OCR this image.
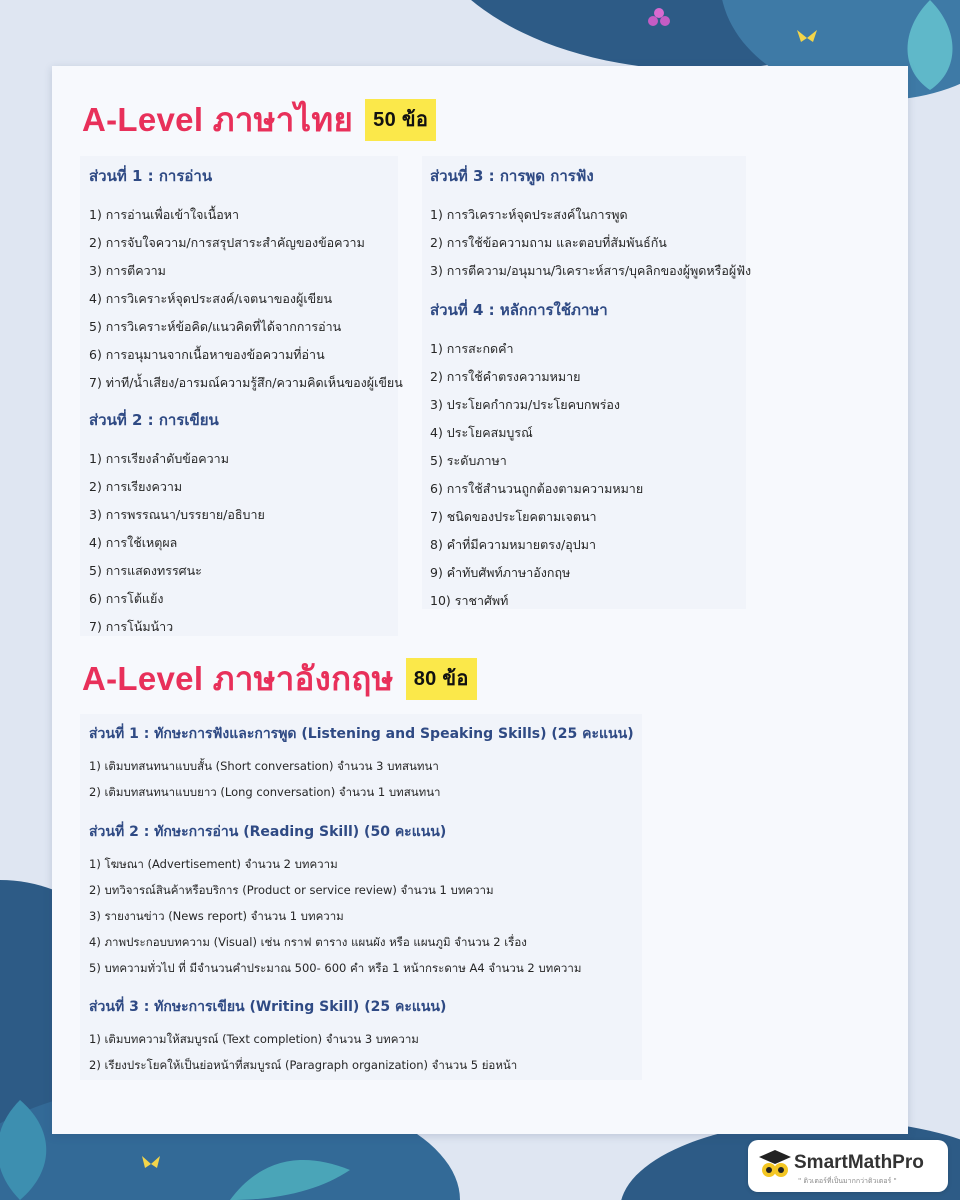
A-Level ภาษาไทย	50 ข้อ
ส่วนที่ 1 : การอ่าน
1) การอ่านเพื่อเข้าใจเนื้อหา
2) การจับใจความ/การสรุปสาระสำคัญของข้อความ
3) การตีความ
4) การวิเคราะห์จุดประสงค์/เจตนาของผู้เขียน
5) การวิเคราะห์ข้อคิด/แนวคิดที่ได้จากการอ่าน
6) การอนุมานจากเนื้อหาของข้อความที่อ่าน
7) ท่าที/น้ำเสียง/อารมณ์ความรู้สึก/ความคิดเห็นของผู้เขียน
ส่วนที่ 2 : การเขียน
1) การเรียงลำดับข้อความ
2) การเรียงความ
3) การพรรณนา/บรรยาย/อธิบาย
4) การใช้เหตุผล
5) การแสดงทรรศนะ
6) การโต้แย้ง
7) การโน้มน้าว
ส่วนที่ 3 : การพูด การฟัง
1) การวิเคราะห์จุดประสงค์ในการพูด
2) การใช้ข้อความถาม และตอบที่สัมพันธ์กัน
3) การตีความ/อนุมาน/วิเคราะห์สาร/บุคลิกของผู้พูดหรือผู้ฟัง
ส่วนที่ 4 : หลักการใช้ภาษา
1) การสะกดคำ
2) การใช้คำตรงความหมาย
3) ประโยคกำกวม/ประโยคบกพร่อง
4) ประโยคสมบูรณ์
5) ระดับภาษา
6) การใช้สำนวนถูกต้องตามความหมาย
7) ชนิดของประโยคตามเจตนา
8) คำที่มีความหมายตรง/อุปมา
9) คำทับศัพท์ภาษาอังกฤษ
10) ราชาศัพท์
A-Level ภาษาอังกฤษ	80 ข้อ
ส่วนที่ 1 : ทักษะการฟังและการพูด (Listening and Speaking Skills) (25 คะแนน)
1) เติมบทสนทนาแบบสั้น (Short conversation) จำนวน 3 บทสนทนา
2) เติมบทสนทนาแบบยาว (Long conversation) จำนวน 1 บทสนทนา
ส่วนที่ 2 : ทักษะการอ่าน (Reading Skill) (50 คะแนน)
1) โฆษณา (Advertisement) จำนวน 2 บทความ
2) บทวิจารณ์สินค้าหรือบริการ (Product or service review) จำนวน 1 บทความ
3) รายงานข่าว (News report) จำนวน 1 บทความ
4) ภาพประกอบบทความ (Visual) เช่น กราฟ ตาราง แผนผัง หรือ แผนภูมิ จำนวน 2 เรื่อง
5) บทความทั่วไป ที่ มีจำนวนคำประมาณ 500- 600 คำ หรือ 1 หน้ากระดาษ A4 จำนวน 2 บทความ
ส่วนที่ 3 : ทักษะการเขียน (Writing Skill) (25 คะแนน)
1) เติมบทความให้สมบูรณ์ (Text completion) จำนวน 3 บทความ
2) เรียงประโยคให้เป็นย่อหน้าที่สมบูรณ์ (Paragraph organization) จำนวน 5 ย่อหน้า
SmartMathPro
" ติวเตอร์ที่เป็นมากกว่าติวเตอร์ "
